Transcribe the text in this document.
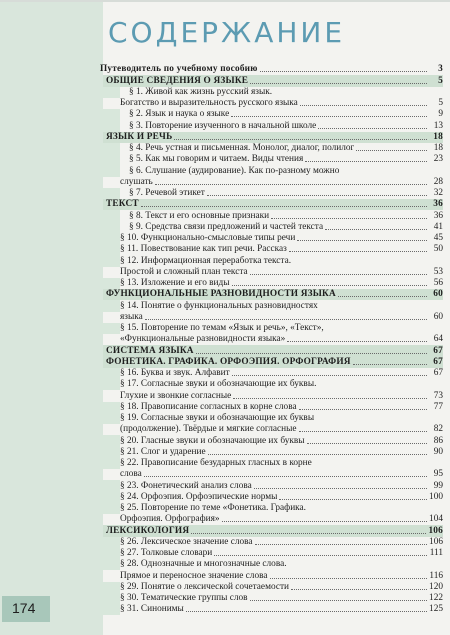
СОДЕРЖАНИЕ
Путеводитель по учебному пособию	3
ОБЩИЕ СВЕДЕНИЯ О ЯЗЫКЕ	5
§ 1. Живой как жизнь русский язык.
Богатство и выразительность русского языка	5
§ 2. Язык и наука о языке	9
§ 3. Повторение изученного в начальной школе	13
ЯЗЫК И РЕЧЬ	18
§ 4. Речь устная и письменная. Монолог, диалог, полилог	18
§ 5. Как мы говорим и читаем. Виды чтения	23
§ 6. Слушание (аудирование). Как по-разному можно
слушать	28
§ 7. Речевой этикет	32
ТЕКСТ	36
§ 8. Текст и его основные признаки	36
§ 9. Средства связи предложений и частей текста	41
§ 10. Функционально-смысловые типы речи	45
§ 11. Повествование как тип речи. Рассказ	50
§ 12. Информационная переработка текста.
Простой и сложный план текста	53
§ 13. Изложение и его виды	56
ФУНКЦИОНАЛЬНЫЕ РАЗНОВИДНОСТИ ЯЗЫКА	60
§ 14. Понятие о функциональных разновидностях
языка	60
§ 15. Повторение по темам «Язык и речь», «Текст»,
«Функциональные разновидности языка»	64
СИСТЕМА ЯЗЫКА	67
ФОНЕТИКА. ГРАФИКА. ОРФОЭПИЯ. ОРФОГРАФИЯ	67
§ 16. Буква и звук. Алфавит	67
§ 17. Согласные звуки и обозначающие их буквы.
Глухие и звонкие согласные	73
§ 18. Правописание согласных в корне слова	77
§ 19. Согласные звуки и обозначающие их буквы
(продолжение). Твёрдые и мягкие согласные	82
§ 20. Гласные звуки и обозначающие их буквы	86
§ 21. Слог и ударение	90
§ 22. Правописание безударных гласных в корне
слова	95
§ 23. Фонетический анализ слова	99
§ 24. Орфоэпия. Орфоэпические нормы	100
§ 25. Повторение по теме «Фонетика. Графика.
Орфоэпия. Орфография»	104
ЛЕКСИКОЛОГИЯ	106
§ 26. Лексическое значение слова	106
§ 27. Толковые словари	111
§ 28. Однозначные и многозначные слова.
Прямое и переносное значение слова	116
§ 29. Понятие о лексической сочетаемости	120
§ 30. Тематические группы слов	122
§ 31. Синонимы	125
174
